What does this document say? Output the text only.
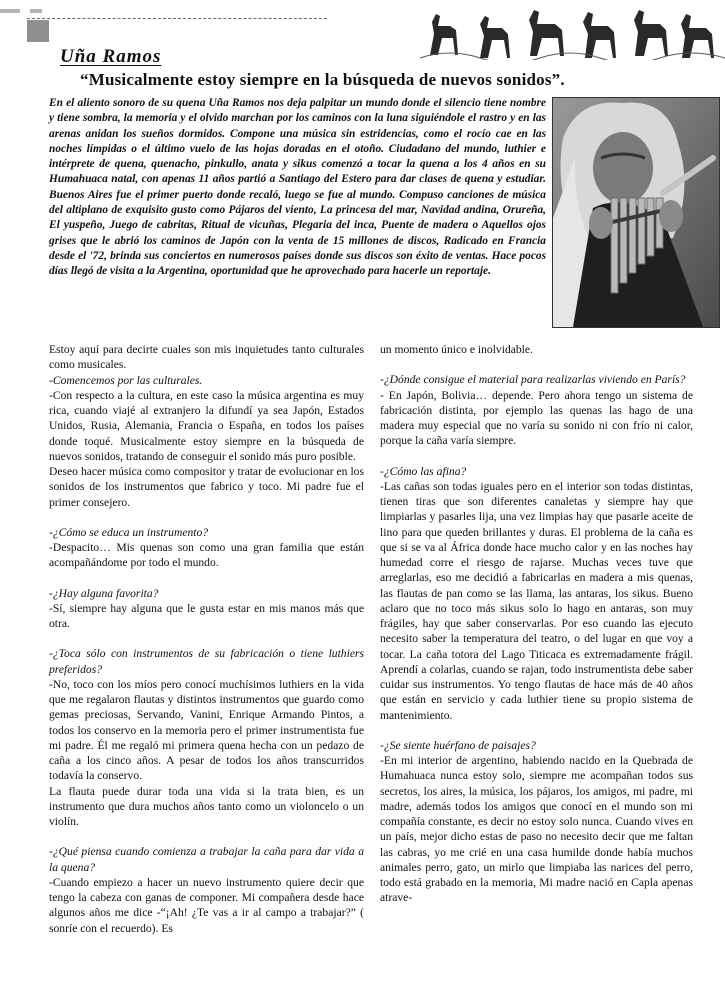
Uña Ramos
“Musicalmente estoy siempre en la búsqueda de nuevos sonidos”.

En el aliento sonoro de su quena Uña Ramos nos deja palpitar un mundo donde el silencio tiene nombre y tiene sombra, la memoria y el olvido marchan por los caminos con la luna siguiéndole el rastro y en las arenas anidan los sueños dormidos. Compone una música sin estridencias, como el rocío cae en las noches límpidas o el último vuelo de las hojas doradas en el otoño. Ciudadano del mundo, luthier e intérprete de quena, quenacho, pinkullo, anata y sikus comenzó a tocar la quena a los 4 años en su Humahuaca natal, con apenas 11 años partió a Santiago del Estero para dar clases de quena y estudiar. Buenos Aires fue el primer puerto donde recaló, luego se fue al mundo. Compuso canciones de música del altiplano de exquisito gusto como Pájaros del viento, La princesa del mar, Navidad andina, Orureña, El yuspeño, Juego de cabritas, Ritual de vicuñas, Plegaria del inca, Puente de madera o Aquellos ojos grises que le abrió los caminos de Japón con la venta de 15 millones de discos, Radicado en Francia desde el '72, brinda sus conciertos en numerosos países donde sus discos son éxito de ventas. Hace pocos días llegó de visita a la Argentina, oportunidad que he aprovechado para hacerle un reportaje.

Estoy aquí para decirte cuales son mis inquietudes tanto culturales como musicales.

-Comencemos por las culturales.

-Con respecto a la cultura, en este caso la música argentina es muy rica, cuando viajé al extranjero la difundí ya sea Japón, Estados Unidos, Rusia, Alemania, Francia o España, en todos los países donde toqué. Musicalmente estoy siempre en la búsqueda de nuevos sonidos, tratando de conseguir el sonido más puro posible.

Deseo hacer música como compositor y tratar de evolucionar en los sonidos de los instrumentos que fabrico y toco. Mi padre fue el primer consejero.

-¿Cómo se educa un instrumento?

-Despacito… Mis quenas son como una gran familia que están acompañándome por todo el mundo.

-¿Hay alguna favorita?

-Sí, siempre hay alguna que le gusta estar en mis manos más que otra.

-¿Toca sólo con instrumentos de su fabricación o tiene luthiers preferidos?

-No, toco con los míos pero conocí muchísimos luthiers en la vida que me regalaron flautas y distintos instrumentos que guardo como gemas preciosas, Servando, Vanini, Enrique Armando Pintos, a todos los conservo en la memoria pero el primer instrumentista fue mi padre. Él me regaló mi primera quena hecha con un pedazo de caña a los cinco años. A pesar de todos los años transcurridos todavía la conservo.

La flauta puede durar toda una vida si la trata bien, es un instrumento que dura muchos años tanto como un violoncelo o un violín.

-¿Qué piensa cuando comienza a trabajar la caña para dar vida a la quena?

-Cuando empiezo a hacer un nuevo instrumento quiere decir que tengo la cabeza con ganas de componer. Mi compañera desde hace algunos años me dice -“¡Ah! ¿Te vas a ir al campo a trabajar?” ( sonríe con el recuerdo). Es

un momento único e inolvidable.

-¿Dónde consigue el material para realizarlas viviendo en París?

- En Japón, Bolivia… depende. Pero ahora tengo un sistema de fabricación distinta, por ejemplo las quenas las hago de una madera muy especial que no varía su sonido ni con frío ni calor, porque la caña varía siempre.

-¿Cómo las afina?

-Las cañas son todas iguales pero en el interior son todas distintas, tienen tiras que son diferentes canaletas y siempre hay que limpiarlas y pasarles lija, una vez limpias hay que pasarle aceite de lino para que queden brillantes y duras. El problema de la caña es que si se va al África donde hace mucho calor y en las noches hay humedad corre el riesgo de rajarse. Muchas veces tuve que arreglarlas, eso me decidió a fabricarlas en madera a mis quenas, las flautas de pan como se las llama, las antaras, los sikus. Bueno aclaro que no toco más sikus solo lo hago en antaras, son muy frágiles, hay que saber conservarlas. Por eso cuando las ejecuto necesito saber la temperatura del teatro, o del lugar en que voy a tocar. La caña totora del Lago Titicaca es extremadamente frágil. Aprendí a colarlas, cuando se rajan, todo instrumentista debe saber cuidar sus instrumentos. Yo tengo flautas de hace más de 40 años que están en servicio y cada luthier tiene su propio sistema de mantenimiento.

-¿Se siente huérfano de paisajes?

-En mi interior de argentino, habiendo nacido en la Quebrada de Humahuaca nunca estoy solo, siempre me acompañan todos sus secretos, los aires, la música, los pájaros, los amigos, mi padre, mi madre, además todos los amigos que conocí en el mundo son mi compañía constante, es decir no estoy solo nunca. Cuando vives en un país, mejor dicho estas de paso no necesito decir que me faltan las cabras, yo me crié en una casa humilde donde había muchos animales perro, gato, un mirlo que limpiaba las narices del perro, todo está grabado en la memoria, Mi madre nació en Capla apenas atrave-
